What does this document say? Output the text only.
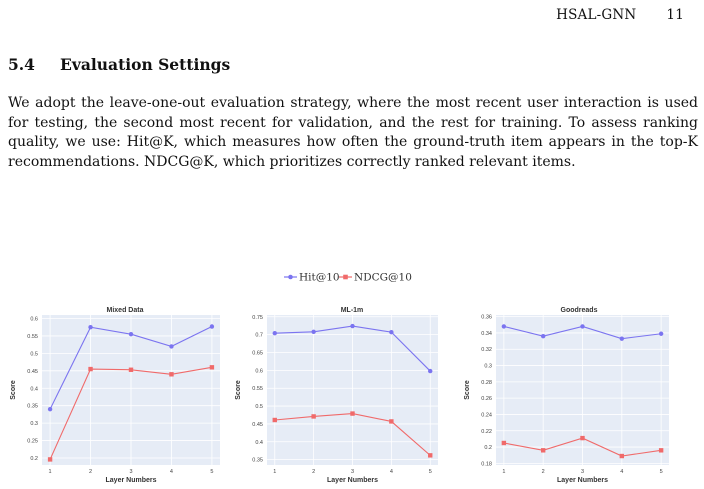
HSAL-GNN 11
5.4 Evaluation Settings

We adopt the leave-one-out evaluation strategy, where the most recent user interaction is used for testing, the second most recent for validation, and the rest for training. To assess ranking quality, we use: Hit@K, which measures how often the ground-truth item appears in the top-K recommendations. NDCG@K, which prioritizes correctly ranked relevant items.

Hit@10 NDCG@10
0.2
0.25
0.3
0.35
0.4
0.45
0.5
0.55
0.6
1	2	3	4	5
Mixed Data
Layer Numbers
Score
0.35
0.4
0.45
0.5
0.55
0.6
0.65
0.7
0.75
1	2	3	4	5
ML-1m
Layer Numbers
Score
0.18
0.2
0.22
0.24
0.26
0.28
0.3
0.32
0.34
0.36
1	2	3	4	5
Goodreads
Layer Numbers
Score
